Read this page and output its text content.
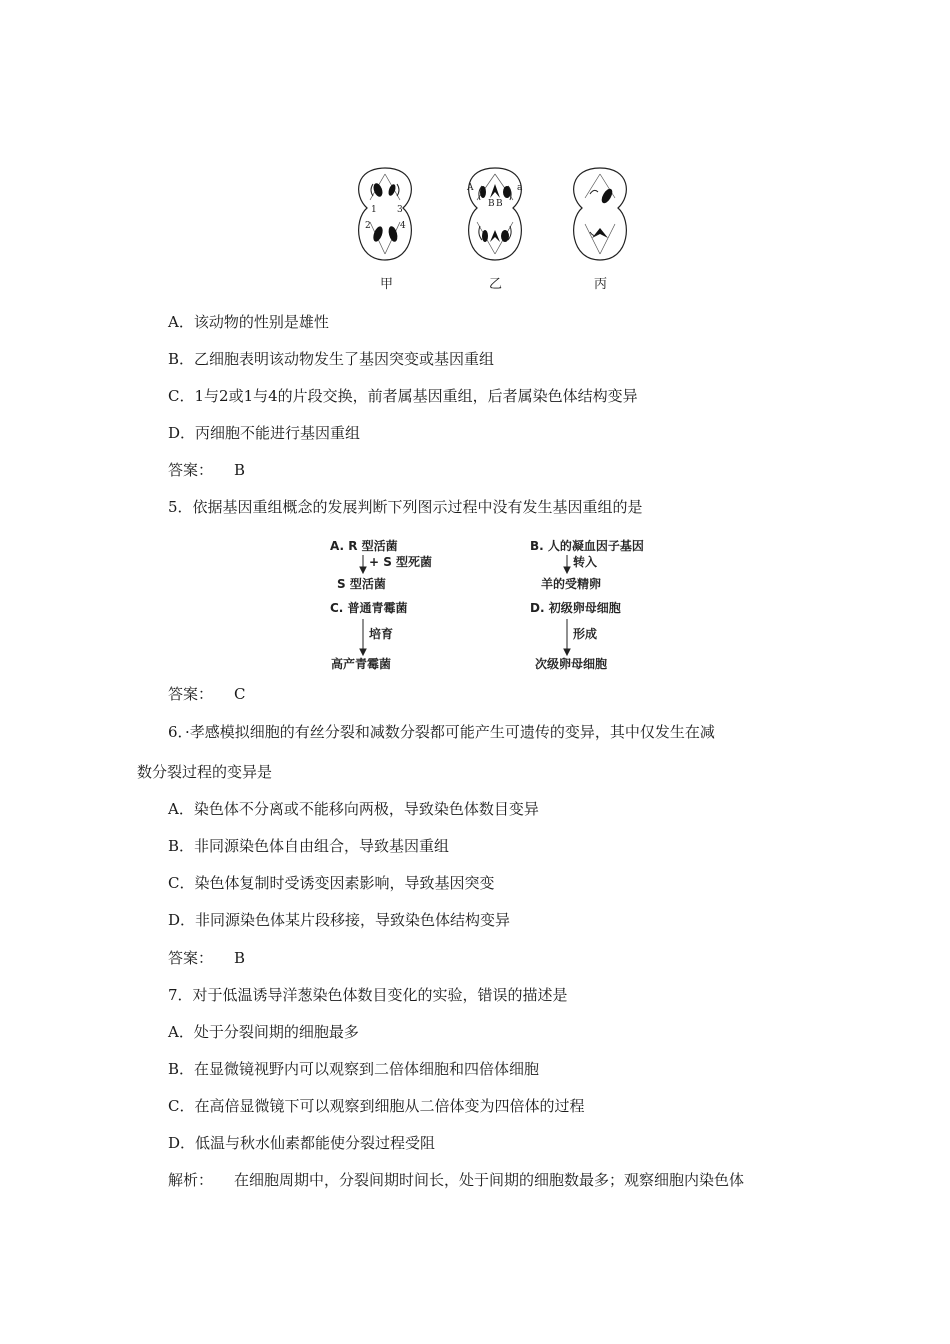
1 3
2	4
A	a
B B
甲	乙	丙
A．该动物的性别是雄性
B．乙细胞表明该动物发生了基因突变或基因重组
C．1与2或1与4的片段交换，前者属基因重组，后者属染色体结构变异
D．丙细胞不能进行基因重组
答案： B
5．依据基因重组概念的发展判断下列图示过程中没有发生基因重组的是
A. R 型活菌
+ S 型死菌
S 型活菌
B. 人的凝血因子基因
转入
羊的受精卵
C. 普通青霉菌
培育
高产青霉菌
D. 初级卵母细胞
形成
次级卵母细胞
答案： C
6．·孝感模拟细胞的有丝分裂和减数分裂都可能产生可遗传的变异，其中仅发生在减
数分裂过程的变异是
A．染色体不分离或不能移向两极，导致染色体数目变异
B．非同源染色体自由组合，导致基因重组
C．染色体复制时受诱变因素影响，导致基因突变
D．非同源染色体某片段移接，导致染色体结构变异
答案： B
7．对于低温诱导洋葱染色体数目变化的实验，错误的描述是
A．处于分裂间期的细胞最多
B．在显微镜视野内可以观察到二倍体细胞和四倍体细胞
C．在高倍显微镜下可以观察到细胞从二倍体变为四倍体的过程
D．低温与秋水仙素都能使分裂过程受阻
解析： 在细胞周期中，分裂间期时间长，处于间期的细胞数最多；观察细胞内染色体
